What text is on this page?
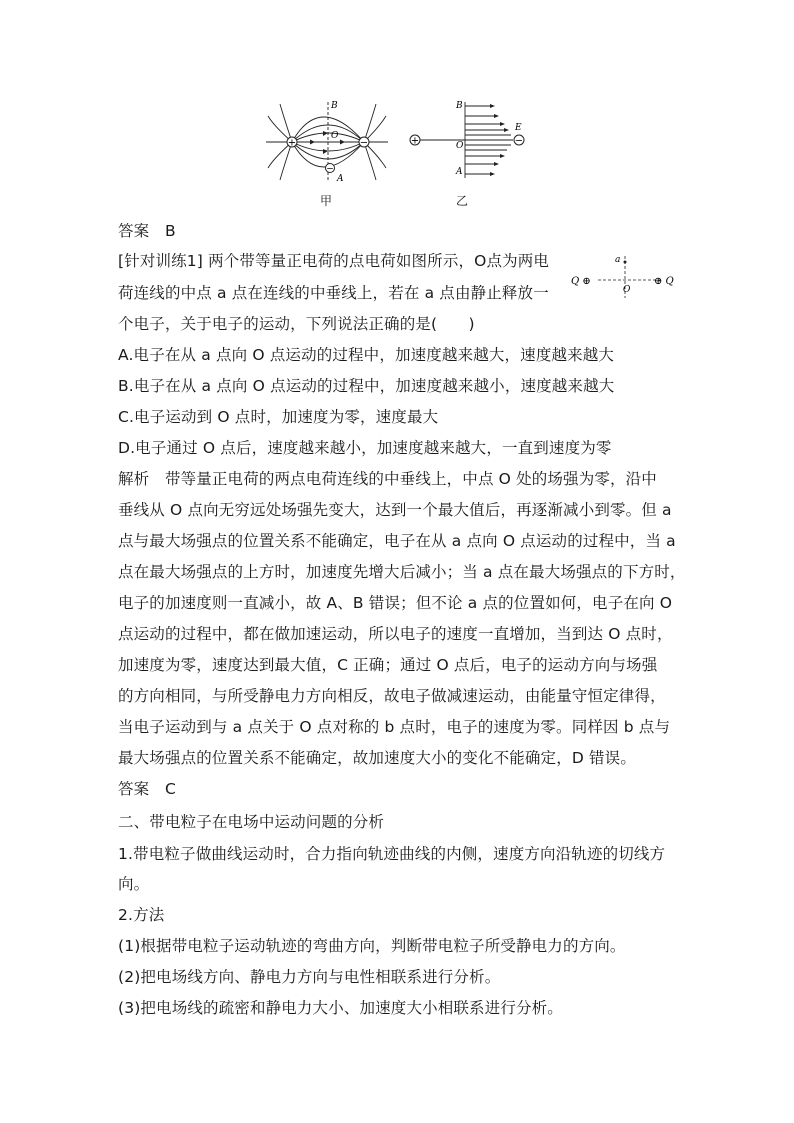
+	−
−
B
O
A
甲
+	−
B
O
A
E
乙
答案　B
[针对训练1] 两个带等量正电荷的点电荷如图所示，O点为两电
荷连线的中点 a 点在连线的中垂线上，若在 a 点由静止释放一
个电子，关于电子的运动，下列说法正确的是(　　)
Q ⊕	⊕ Q
a
O
A.电子在从 a 点向 O 点运动的过程中，加速度越来越大，速度越来越大
B.电子在从 a 点向 O 点运动的过程中，加速度越来越小，速度越来越大
C.电子运动到 O 点时，加速度为零，速度最大
D.电子通过 O 点后，速度越来越小，加速度越来越大，一直到速度为零
解析　带等量正电荷的两点电荷连线的中垂线上，中点 O 处的场强为零，沿中
垂线从 O 点向无穷远处场强先变大，达到一个最大值后，再逐渐减小到零。但 a
点与最大场强点的位置关系不能确定，电子在从 a 点向 O 点运动的过程中，当 a
点在最大场强点的上方时，加速度先增大后减小；当 a 点在最大场强点的下方时，
电子的加速度则一直减小，故 A、B 错误；但不论 a 点的位置如何，电子在向 O
点运动的过程中，都在做加速运动，所以电子的速度一直增加，当到达 O 点时，
加速度为零，速度达到最大值，C 正确；通过 O 点后，电子的运动方向与场强
的方向相同，与所受静电力方向相反，故电子做减速运动，由能量守恒定律得，
当电子运动到与 a 点关于 O 点对称的 b 点时，电子的速度为零。同样因 b 点与
最大场强点的位置关系不能确定，故加速度大小的变化不能确定，D 错误。
答案　C
二、带电粒子在电场中运动问题的分析
1.带电粒子做曲线运动时，合力指向轨迹曲线的内侧，速度方向沿轨迹的切线方
向。
2.方法
(1)根据带电粒子运动轨迹的弯曲方向，判断带电粒子所受静电力的方向。
(2)把电场线方向、静电力方向与电性相联系进行分析。
(3)把电场线的疏密和静电力大小、加速度大小相联系进行分析。
